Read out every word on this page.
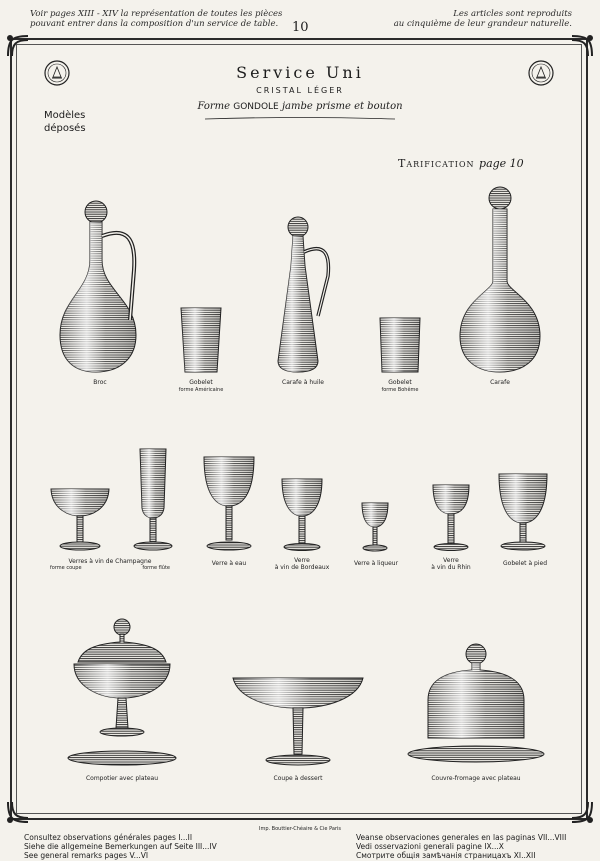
Voir pages XIII - XIV la représentation de toutes les pièces
pouvant entrer dans la composition d'un service de table.	10
Les articles sont reproduits
au cinquième de leur grandeur naturelle.
Service Uni
CRISTAL LÉGER
Forme GONDOLE jambe prisme et bouton
Modèles
déposés
Tarification page 10
Broc	Gobelet
forme Américaine
Carafe à huile	Gobelet
forme Bohême
Carafe
Verres à vin de Champagne
forme coupe	forme flûte
Verre à eau	Verre
à vin de Bordeaux
Verre à liqueur	Verre
à vin du Rhin
Gobelet à pied
Compotier avec plateau	Coupe à dessert	Couvre-fromage avec plateau
Imp. Bouttier-Chéaire & Cie Paris
Consultez observations générales pages I...II
Siehe die allgemeine Bemerkungen auf Seite III...IV
See general remarks pages V...VI
Veanse observaciones generales en las paginas VII...VIII
Vedi osservazioni generali pagine IX...X
Смотрите общія замѣчанія страницахъ XI..XII
